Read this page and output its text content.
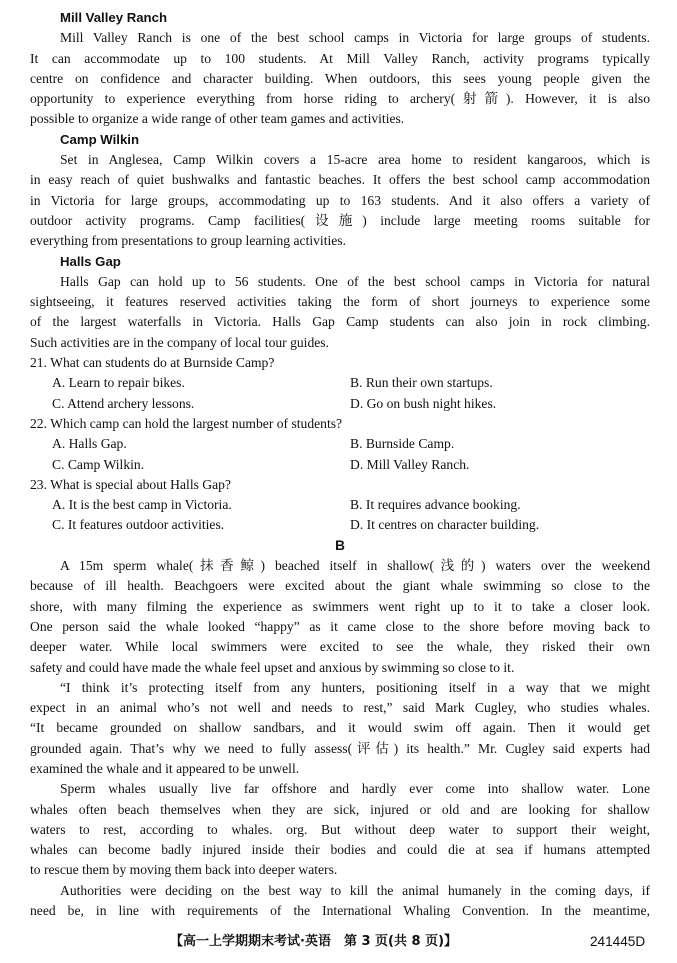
Mill Valley Ranch
Mill Valley Ranch is one of the best school camps in Victoria for large groups of students.
It can accommodate up to 100 students. At Mill Valley Ranch, activity programs typically
centre on confidence and character building. When outdoors, this sees young people given the
opportunity to experience everything from horse riding to archery(射箭). However, it is also
possible to organize a wide range of other team games and activities.
Camp Wilkin
Set in Anglesea, Camp Wilkin covers a 15-acre area home to resident kangaroos, which is
in easy reach of quiet bushwalks and fantastic beaches. It offers the best school camp accommodation
in Victoria for large groups, accommodating up to 163 students. And it also offers a variety of
outdoor activity programs. Camp facilities(设施) include large meeting rooms suitable for
everything from presentations to group learning activities.
Halls Gap
Halls Gap can hold up to 56 students. One of the best school camps in Victoria for natural
sightseeing, it features reserved activities taking the form of short journeys to experience some
of the largest waterfalls in Victoria. Halls Gap Camp students can also join in rock climbing.
Such activities are in the company of local tour guides.
21. What can students do at Burnside Camp?
A. Learn to repair bikes.	B. Run their own startups.
C. Attend archery lessons.	D. Go on bush night hikes.
22. Which camp can hold the largest number of students?
A. Halls Gap.	B. Burnside Camp.
C. Camp Wilkin.	D. Mill Valley Ranch.
23. What is special about Halls Gap?
A. It is the best camp in Victoria.	B. It requires advance booking.
C. It features outdoor activities.	D. It centres on character building.
B
A 15m sperm whale(抹香鲸) beached itself in shallow(浅的) waters over the weekend
because of ill health. Beachgoers were excited about the giant whale swimming so close to the
shore, with many filming the experience as swimmers went right up to it to take a closer look.
One person said the whale looked “happy” as it came close to the shore before moving back to
deeper water. While local swimmers were excited to see the whale, they risked their own
safety and could have made the whale feel upset and anxious by swimming so close to it.
“I think it’s protecting itself from any hunters, positioning itself in a way that we might
expect in an animal who’s not well and needs to rest,” said Mark Cugley, who studies whales.
“It became grounded on shallow sandbars, and it would swim off again. Then it would get
grounded again. That’s why we need to fully assess(评估) its health.” Mr. Cugley said experts had
examined the whale and it appeared to be unwell.
Sperm whales usually live far offshore and hardly ever come into shallow water. Lone
whales often beach themselves when they are sick, injured or old and are looking for shallow
waters to rest, according to whales. org. But without deep water to support their weight,
whales can become badly injured inside their bodies and could die at sea if humans attempted
to rescue them by moving them back into deeper waters.
Authorities were deciding on the best way to kill the animal humanely in the coming days, if
need be, in line with requirements of the International Whaling Convention. In the meantime,
【高一上学期期末考试·英语　第 3 页(共 8 页)】	241445D
